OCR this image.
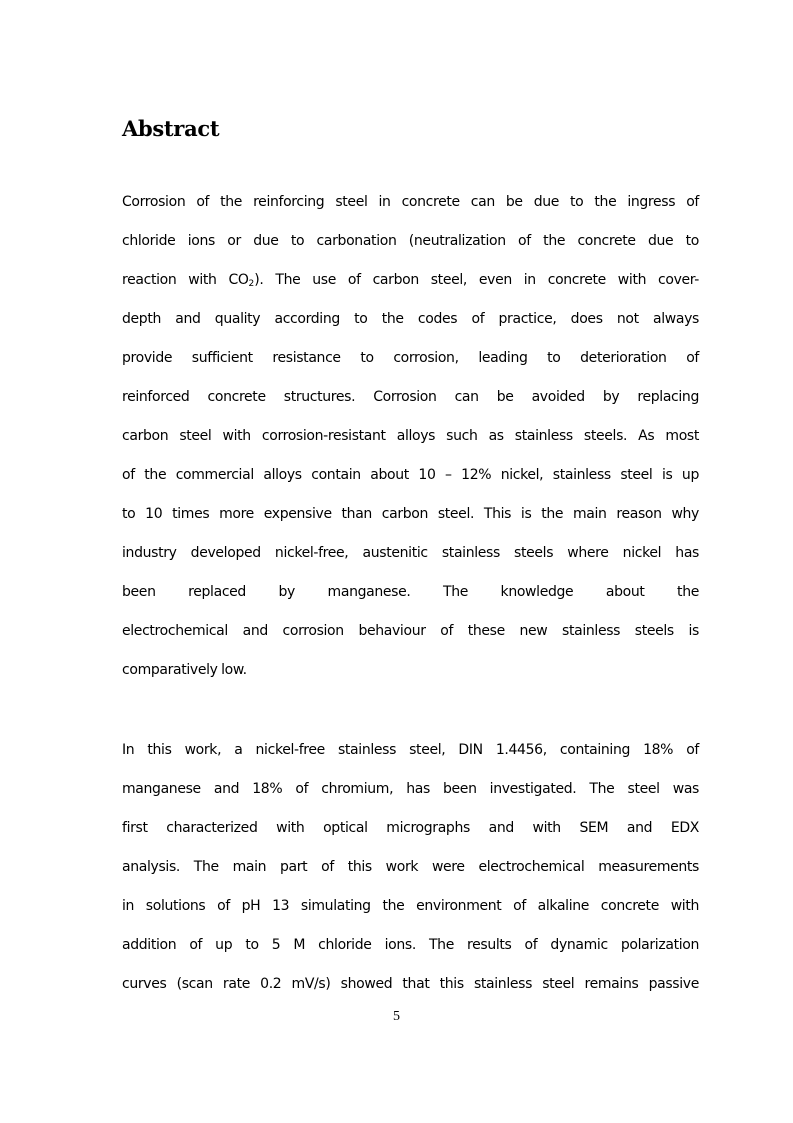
Abstract
Corrosion of the reinforcing steel in concrete can be due to the ingress of
chloride ions or due to carbonation (neutralization of the concrete due to
reaction with $CO_2$). The use of carbon steel, even in concrete with cover-
depth and quality according to the codes of practice, does not always
provide sufficient resistance to corrosion, leading to deterioration of
reinforced concrete structures. Corrosion can be avoided by replacing
carbon steel with corrosion-resistant alloys such as stainless steels. As most
of the commercial alloys contain about 10 – 12% nickel, stainless steel is up
to 10 times more expensive than carbon steel. This is the main reason why
industry developed nickel-free, austenitic stainless steels where nickel has
been replaced by manganese. The knowledge about the
electrochemical and corrosion behaviour of these new stainless steels is
comparatively low.
In this work, a nickel-free stainless steel, DIN 1.4456, containing 18% of
manganese and 18% of chromium, has been investigated. The steel was
first characterized with optical micrographs and with SEM and EDX
analysis. The main part of this work were electrochemical measurements
in solutions of pH 13 simulating the environment of alkaline concrete with
addition of up to 5 M chloride ions. The results of dynamic polarization
curves (scan rate 0.2 mV/s) showed that this stainless steel remains passive
5
